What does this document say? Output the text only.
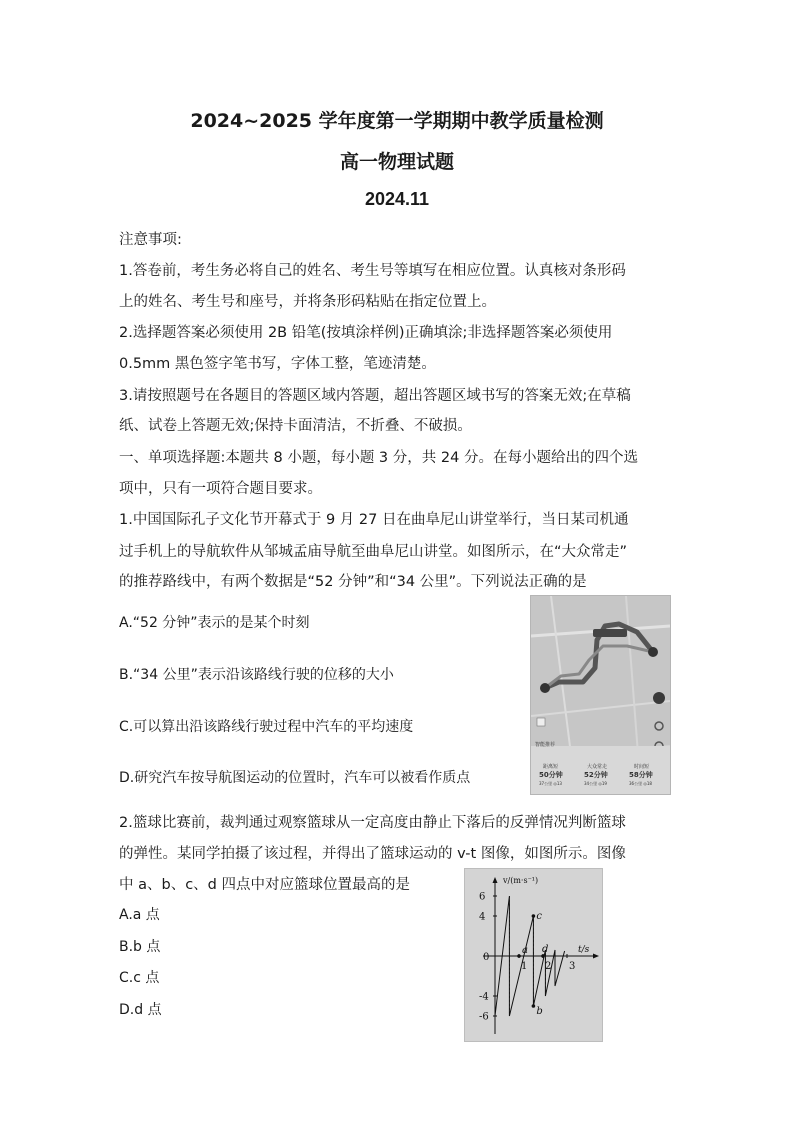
2024~2025 学年度第一学期期中教学质量检测
高一物理试题
2024.11
注意事项:
1.答卷前，考生务必将自己的姓名、考生号等填写在相应位置。认真核对条形码
上的姓名、考生号和座号，并将条形码粘贴在指定位置上。
2.选择题答案必须使用 2B 铅笔(按填涂样例)正确填涂;非选择题答案必须使用
0.5mm 黑色签字笔书写，字体工整，笔迹清楚。
3.请按照题号在各题目的答题区域内答题，超出答题区域书写的答案无效;在草稿
纸、试卷上答题无效;保持卡面清洁，不折叠、不破损。
一、单项选择题:本题共 8 小题，每小题 3 分，共 24 分。在每小题给出的四个选
项中，只有一项符合题目要求。
1.中国国际孔子文化节开幕式于 9 月 27 日在曲阜尼山讲堂举行，当日某司机通
过手机上的导航软件从邹城孟庙导航至曲阜尼山讲堂。如图所示，在“大众常走”
的推荐路线中，有两个数据是“52 分钟”和“34 公里”。下列说法正确的是
A.“52 分钟”表示的是某个时刻
B.“34 公里”表示沿该路线行驶的位移的大小
C.可以算出沿该路线行驶过程中汽车的平均速度
D.研究汽车按导航图运动的位置时，汽车可以被看作质点
智能推荐
距离短
50分钟
37公里 ◎13
大众常走
52分钟
34公里 ◎19
时间短
58分钟
36公里 ◎18
2.篮球比赛前，裁判通过观察篮球从一定高度由静止下落后的反弹情况判断篮球
的弹性。某同学拍摄了该过程，并得出了篮球运动的 v-t 图像，如图所示。图像
中 a、b、c、d 四点中对应篮球位置最高的是
A.a 点
B.b 点
C.c 点
D.d 点
v/(m·s⁻¹)
t/s
1 2 3
6
4
0
-4
-6
a
b
c
d
